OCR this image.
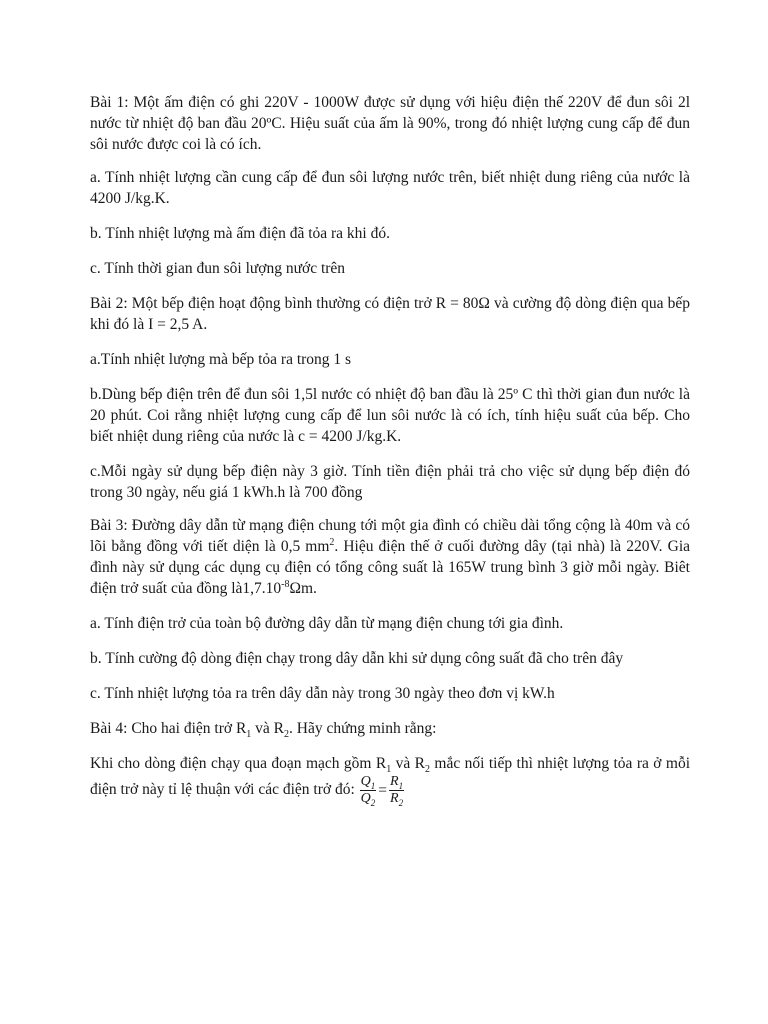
Bài 1: Một ấm điện có ghi 220V - 1000W được sử dụng với hiệu điện thế 220V để đun sôi 2l nước từ nhiệt độ ban đầu 20ºC. Hiệu suất của ấm là 90%, trong đó nhiệt lượng cung cấp để đun sôi nước được coi là có ích.

a. Tính nhiệt lượng cần cung cấp để đun sôi lượng nước trên, biết nhiệt dung riêng của nước là 4200 J/kg.K.

b. Tính nhiệt lượng mà ấm điện đã tỏa ra khi đó.

c. Tính thời gian đun sôi lượng nước trên

Bài 2: Một bếp điện hoạt động bình thường có điện trở R = 80Ω và cường độ dòng điện qua bếp khi đó là I = 2,5 A.

a.Tính nhiệt lượng mà bếp tỏa ra trong 1 s

b.Dùng bếp điện trên để đun sôi 1,5l nước có nhiệt độ ban đầu là 25º C thì thời gian đun nước là 20 phút. Coi rằng nhiệt lượng cung cấp để lun sôi nước là có ích, tính hiệu suất của bếp. Cho biết nhiệt dung riêng của nước là c = 4200 J/kg.K.

c.Mỗi ngày sử dụng bếp điện này 3 giờ. Tính tiền điện phải trả cho việc sử dụng bếp điện đó trong 30 ngày, nếu giá 1 kWh.h là 700 đồng

Bài 3: Đường dây dẫn từ mạng điện chung tới một gia đình có chiều dài tổng cộng là 40m và có lõi bằng đồng với tiết diện là 0,5 $mm^2$. Hiệu điện thế ở cuối đường dây (tại nhà) là 220V. Gia đình này sử dụng các dụng cụ điện có tổng công suất là 165W trung bình 3 giờ mỗi ngày. Biêt điện trở suất của đồng $là1,7.10^{-8}\Omega m$.

a. Tính điện trở của toàn bộ đường dây dẫn từ mạng điện chung tới gia đình.

b. Tính cường độ dòng điện chạy trong dây dẫn khi sử dụng công suất đã cho trên đây

c. Tính nhiệt lượng tỏa ra trên dây dẫn này trong 30 ngày theo đơn vị kW.h

Bài 4: Cho hai điện trở $R_1$ và $R_2$. Hãy chứng minh rằng:

Khi cho dòng điện chạy qua đoạn mạch gồm $R_1$ và $R_2$ mắc nối tiếp thì nhiệt lượng tỏa ra ở mỗi điện trở này tỉ lệ thuận với các điện trở đó: $\frac{Q_1}{Q_2} = \frac{R_1}{R_2}$
